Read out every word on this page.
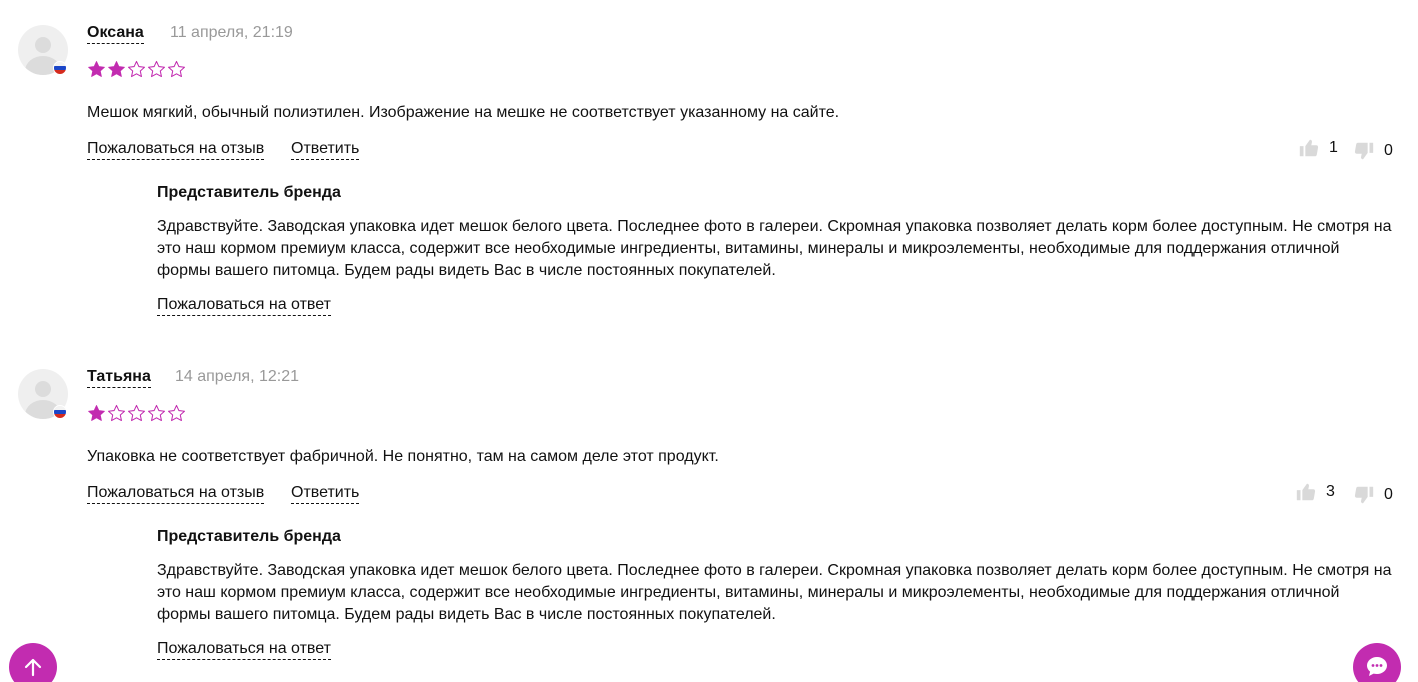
Оксана 11 апреля, 21:19
Мешок мягкий, обычный полиэтилен. Изображение на мешке не соответствует указанному на сайте.
Пожаловаться на отзыв Ответить	1	0
Представитель бренда
Здравствуйте. Заводская упаковка идет мешок белого цвета. Последнее фото в галереи. Скромная упаковка позволяет делать корм более доступным. Не смотря на это наш кормом премиум класса, содержит все необходимые ингредиенты, витамины, минералы и микроэлементы, необходимые для поддержания отличной формы вашего питомца. Будем рады видеть Вас в числе постоянных покупателей.
Пожаловаться на ответ
Татьяна 14 апреля, 12:21
Упаковка не соответствует фабричной. Не понятно, там на самом деле этот продукт.
Пожаловаться на отзыв Ответить	3	0
Представитель бренда
Здравствуйте. Заводская упаковка идет мешок белого цвета. Последнее фото в галереи. Скромная упаковка позволяет делать корм более доступным. Не смотря на это наш кормом премиум класса, содержит все необходимые ингредиенты, витамины, минералы и микроэлементы, необходимые для поддержания отличной формы вашего питомца. Будем рады видеть Вас в числе постоянных покупателей.
Пожаловаться на ответ
